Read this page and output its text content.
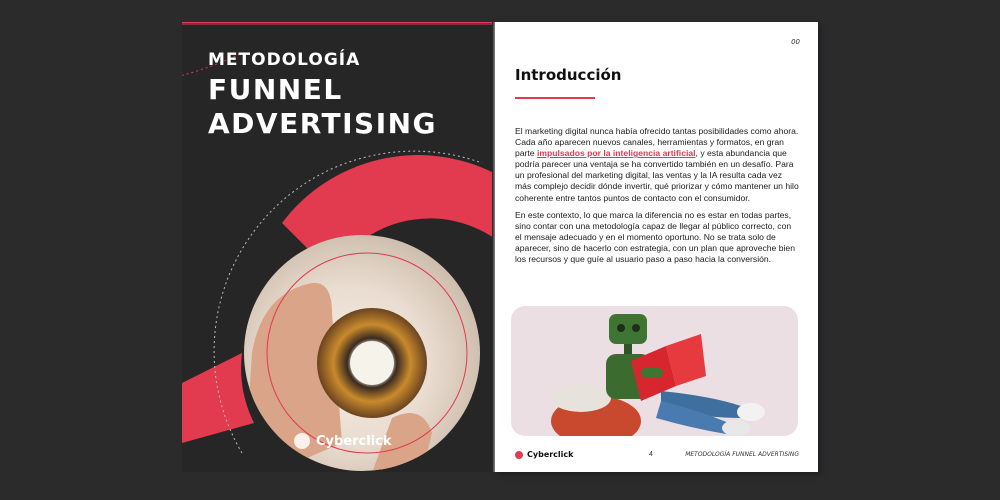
METODOLOGÍA
FUNNEL
ADVERTISING
Cyberclick
00
Introducción

El marketing digital nunca había ofrecido tantas posibilidades como ahora. Cada año aparecen nuevos canales, herramientas y formatos, en gran parte impulsados por la inteligencia artificial, y esta abundancia que podría parecer una ventaja se ha convertido también en un desafío. Para un profesional del marketing digital, las ventas y la IA resulta cada vez más complejo decidir dónde invertir, qué priorizar y cómo mantener un hilo coherente entre tantos puntos de contacto con el consumidor.

En este contexto, lo que marca la diferencia no es estar en todas partes, sino contar con una metodología capaz de llegar al público correcto, con el mensaje adecuado y en el momento oportuno. No se trata solo de aparecer, sino de hacerlo con estrategia, con un plan que aproveche bien los recursos y que guíe al usuario paso a paso hacia la conversión.

Cyberclick	4	METODOLOGÍA FUNNEL ADVERTISING
